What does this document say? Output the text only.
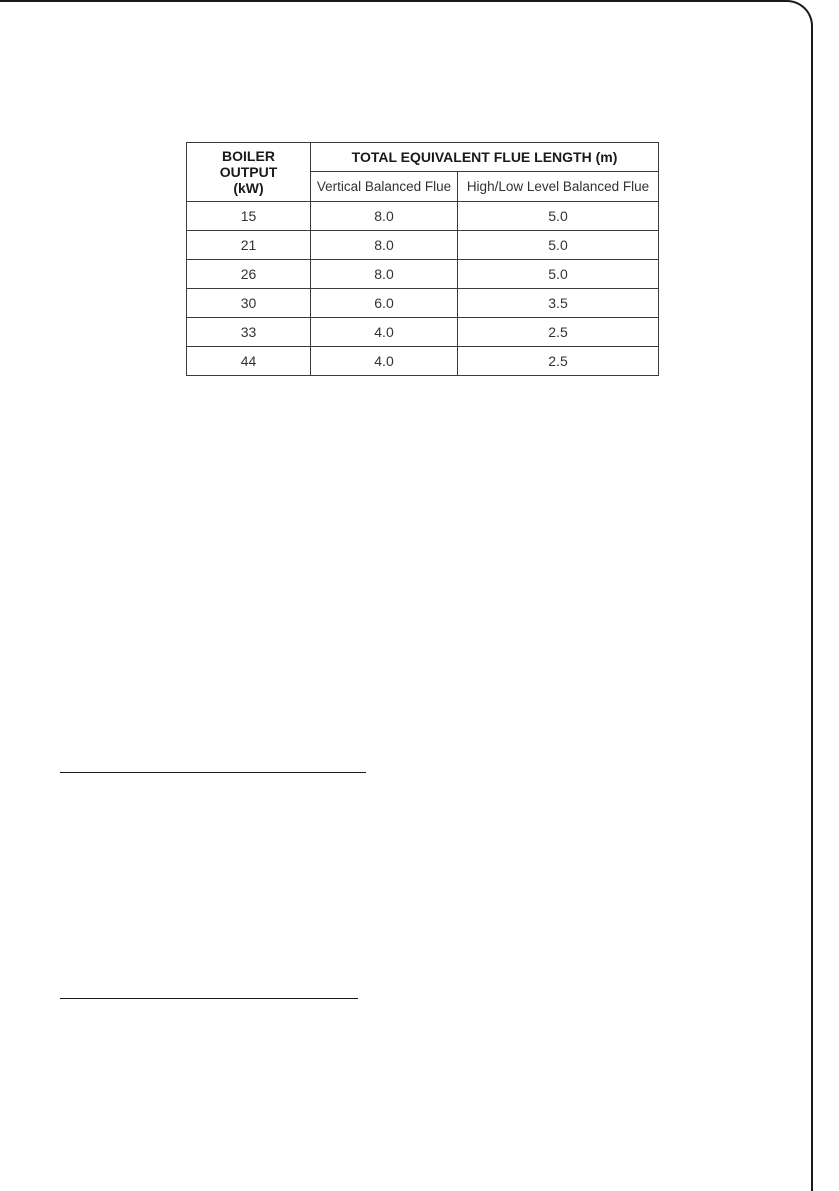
BOILER
OUTPUT
(kW)	TOTAL EQUIVALENT FLUE LENGTH (m)	
	Vertical Balanced Flue	High/Low Level Balanced Flue
15	8.0	5.0
21	8.0	5.0
26	8.0	5.0
30	6.0	3.5
33	4.0	2.5
44	4.0	2.5
